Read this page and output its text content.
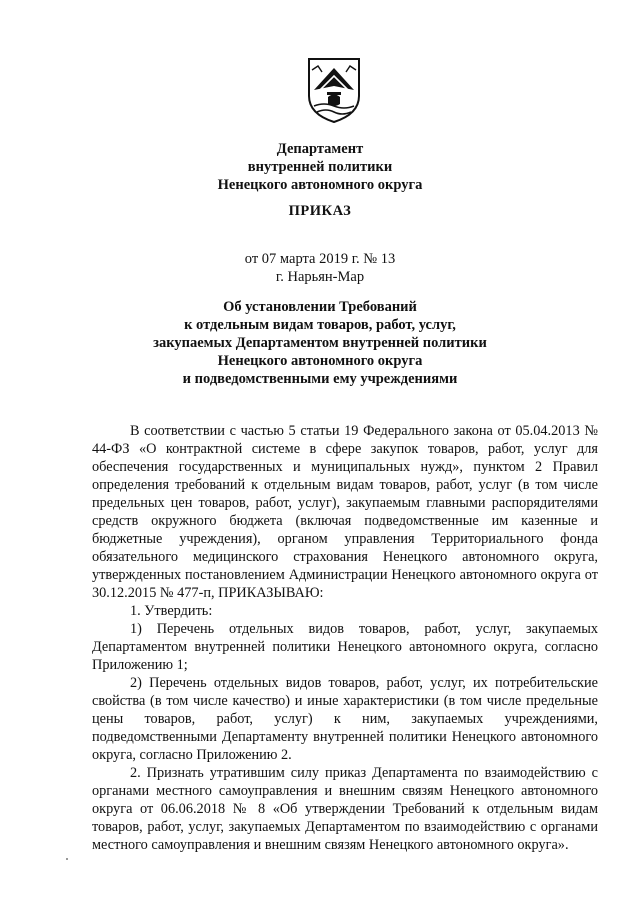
Департамент
внутренней политики
Ненецкого автономного округа
ПРИКАЗ
от 07 марта 2019 г. № 13
г. Нарьян-Мар
Об установлении Требований
к отдельным видам товаров, работ, услуг,
закупаемых Департаментом внутренней политики
Ненецкого автономного округа
и подведомственными ему учреждениями

В соответствии с частью 5 статьи 19 Федерального закона от 05.04.2013 № 44-ФЗ «О контрактной системе в сфере закупок товаров, работ, услуг для обеспечения государственных и муниципальных нужд», пунктом 2 Правил определения требований к отдельным видам товаров, работ, услуг (в том числе предельных цен товаров, работ, услуг), закупаемым главными распорядителями средств окружного бюджета (включая подведомственные им казенные и бюджетные учреждения), органом управления Территориального фонда обязательного медицинского страхования Ненецкого автономного округа, утвержденных постановлением Администрации Ненецкого автономного округа от 30.12.2015 № 477-п, ПРИКАЗЫВАЮ:

1. Утвердить:

1) Перечень отдельных видов товаров, работ, услуг, закупаемых Департаментом внутренней политики Ненецкого автономного округа, согласно Приложению 1;

2) Перечень отдельных видов товаров, работ, услуг, их потребительские свойства (в том числе качество) и иные характеристики (в том числе предельные цены товаров, работ, услуг) к ним, закупаемых учреждениями, подведомственными Департаменту внутренней политики Ненецкого автономного округа, согласно Приложению 2.

2. Признать утратившим силу приказ Департамента по взаимодействию с органами местного самоуправления и внешним связям Ненецкого автономного округа от 06.06.2018 № 8 «Об утверждении Требований к отдельным видам товаров, работ, услуг, закупаемых Департаментом по взаимодействию с органами местного самоуправления и внешним связям Ненецкого автономного округа».
